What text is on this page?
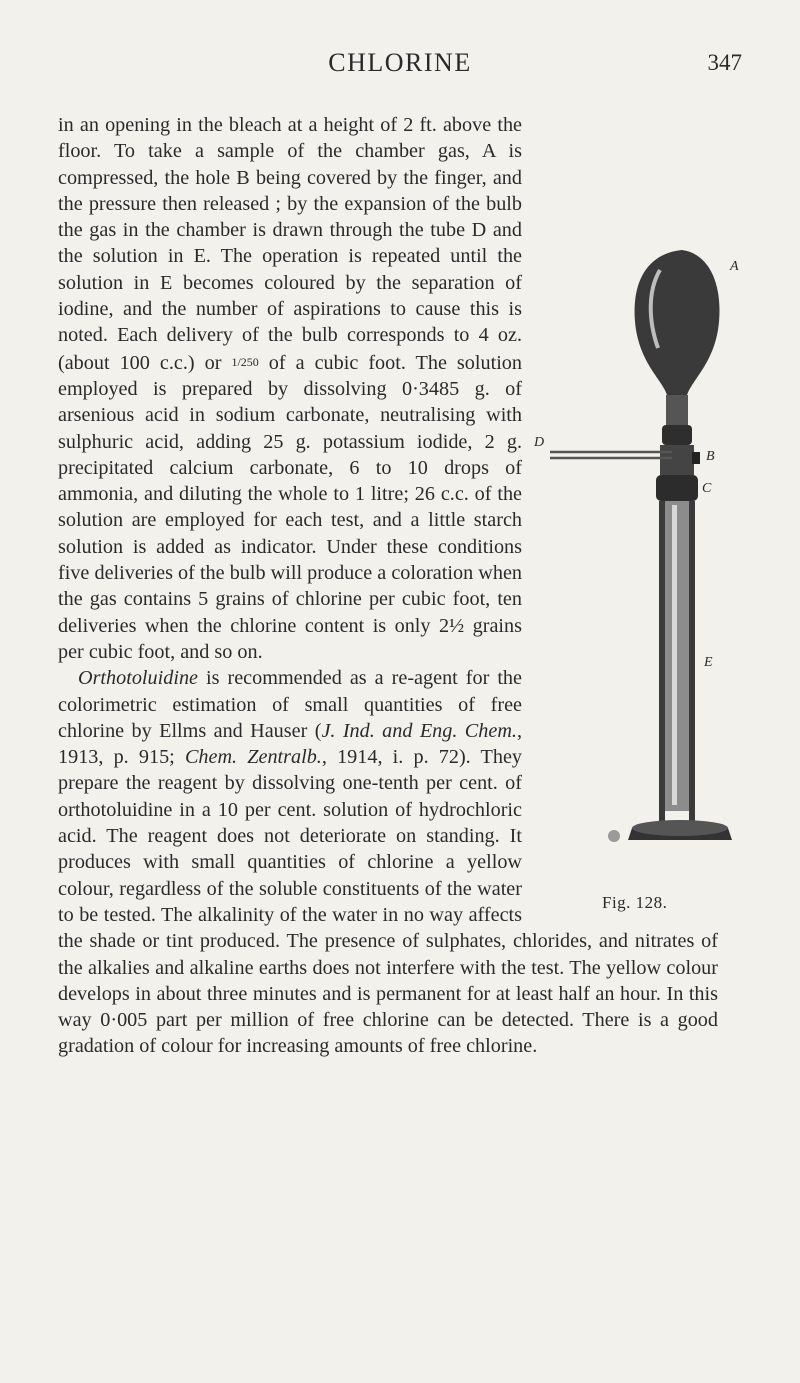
CHLORINE	347
A
D
B
C
E
Fig. 128.

in an opening in the bleach at a height of 2 ft. above the floor. To take a sample of the chamber gas, A is compressed, the hole B being covered by the finger, and the pressure then released ; by the expansion of the bulb the gas in the chamber is drawn through the tube D and the solution in E. The operation is repeated until the solution in E becomes coloured by the separation of iodine, and the number of aspirations to cause this is noted. Each delivery of the bulb corresponds to 4 oz. (about 100 c.c.) or 1/250 of a cubic foot. The solution employed is prepared by dissolving 0·3485 g. of arsenious acid in sodium carbonate, neutralising with sulphuric acid, adding 25 g. potassium iodide, 2 g. precipitated calcium carbonate, 6 to 10 drops of ammonia, and diluting the whole to 1 litre; 26 c.c. of the solution are employed for each test, and a little starch solution is added as indicator. Under these conditions five deliveries of the bulb will produce a coloration when the gas contains 5 grains of chlorine per cubic foot, ten deliveries when the chlorine content is only 2½ grains per cubic foot, and so on.

Orthotoluidine is recommended as a re-agent for the colorimetric estimation of small quantities of free chlorine by Ellms and Hauser (J. Ind. and Eng. Chem., 1913, p. 915; Chem. Zentralb., 1914, i. p. 72). They prepare the reagent by dissolving one-tenth per cent. of orthotoluidine in a 10 per cent. solution of hydrochloric acid. The reagent does not deteriorate on standing. It produces with small quantities of chlorine a yellow colour, regardless of the soluble constituents of the water to be tested. The alkalinity of the water in no way affects the shade or tint produced. The presence of sulphates, chlorides, and nitrates of the alkalies and alkaline earths does not interfere with the test. The yellow colour develops in about three minutes and is permanent for at least half an hour. In this way 0·005 part per million of free chlorine can be detected. There is a good gradation of colour for increasing amounts of free chlorine.
